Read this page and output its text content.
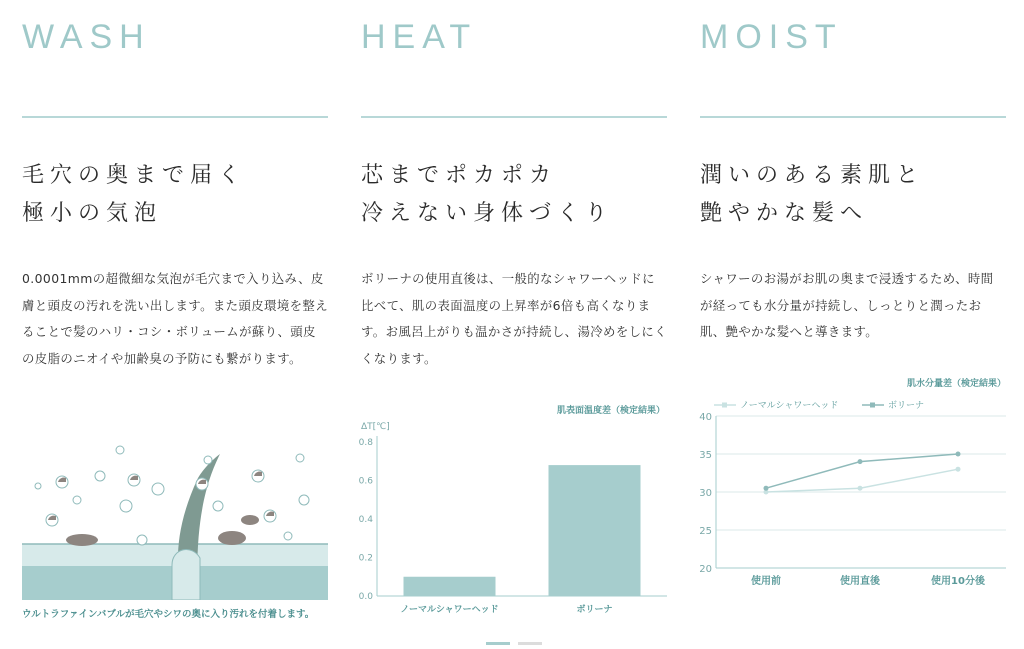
WASH
毛穴の奥まで届く
極小の気泡
0.0001mmの超微細な気泡が毛穴まで入り込み、皮膚と頭皮の汚れを洗い出します。また頭皮環境を整えることで髪のハリ・コシ・ボリュームが蘇り、頭皮の皮脂のニオイや加齢臭の予防にも繋がります。
HEAT
芯までポカポカ
冷えない身体づくり
ボリーナの使用直後は、一般的なシャワーヘッドに比べて、肌の表面温度の上昇率が6倍も高くなります。お風呂上がりも温かさが持続し、湯冷めをしにくくなります。
MOIST
潤いのある素肌と
艶やかな髪へ
シャワーのお湯がお肌の奥まで浸透するため、時間が経っても水分量が持続し、しっとりと潤ったお肌、艶やかな髪へと導きます。
ウルトラファインバブルが毛穴やシワの奥に入り汚れを付着します。
肌表面温度差（検定結果）
ΔT[℃]
0.0
0.2
0.4
0.6
0.8
ノーマルシャワーヘッド	ボリーナ
肌水分量差（検定結果）
ノーマルシャワーヘッド	ボリーナ
20
25
30
35
40
使用前	使用直後	使用10分後
